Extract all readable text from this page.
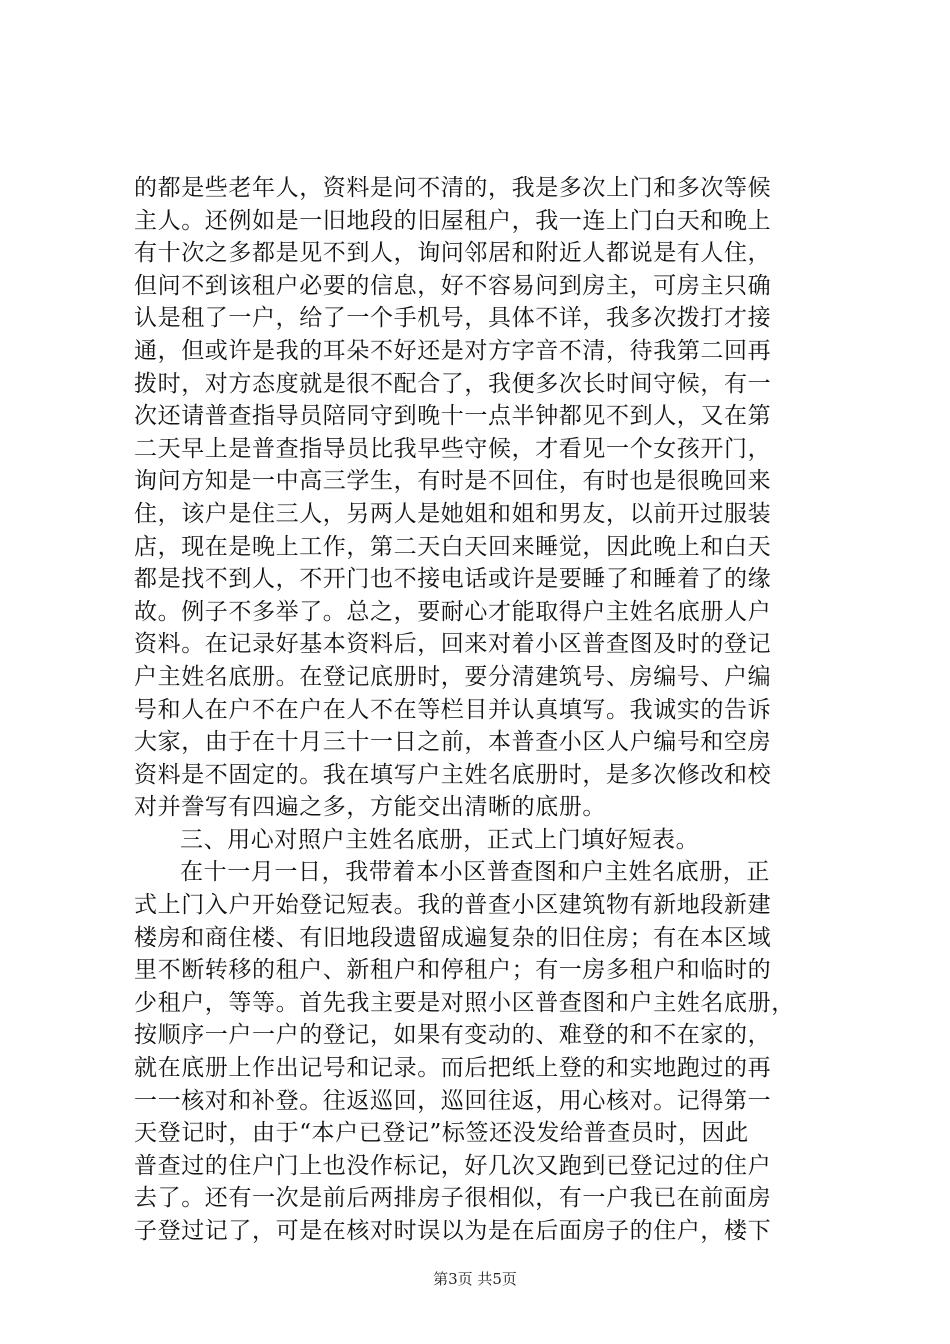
的都是些老年人，资料是问不清的，我是多次上门和多次等候
主人。还例如是一旧地段的旧屋租户，我一连上门白天和晚上
有十次之多都是见不到人，询问邻居和附近人都说是有人住，
但问不到该租户必要的信息，好不容易问到房主，可房主只确
认是租了一户，给了一个手机号，具体不详，我多次拨打才接
通，但或许是我的耳朵不好还是对方字音不清，待我第二回再
拨时，对方态度就是很不配合了，我便多次长时间守候，有一
次还请普查指导员陪同守到晚十一点半钟都见不到人，又在第
二天早上是普查指导员比我早些守候，才看见一个女孩开门，
询问方知是一中高三学生，有时是不回住，有时也是很晚回来
住，该户是住三人，另两人是她姐和姐和男友，以前开过服装
店，现在是晚上工作，第二天白天回来睡觉，因此晚上和白天
都是找不到人，不开门也不接电话或许是要睡了和睡着了的缘
故。例子不多举了。总之，要耐心才能取得户主姓名底册人户
资料。在记录好基本资料后，回来对着小区普查图及时的登记
户主姓名底册。在登记底册时，要分清建筑号、房编号、户编
号和人在户不在户在人不在等栏目并认真填写。我诚实的告诉
大家，由于在十月三十一日之前，本普查小区人户编号和空房
资料是不固定的。我在填写户主姓名底册时，是多次修改和校
对并誊写有四遍之多，方能交出清晰的底册。
三、用心对照户主姓名底册，正式上门填好短表。
在十一月一日，我带着本小区普查图和户主姓名底册，正
式上门入户开始登记短表。我的普查小区建筑物有新地段新建
楼房和商住楼、有旧地段遗留成遍复杂的旧住房；有在本区域
里不断转移的租户、新租户和停租户；有一房多租户和临时的
少租户，等等。首先我主要是对照小区普查图和户主姓名底册，
按顺序一户一户的登记，如果有变动的、难登的和不在家的，
就在底册上作出记号和记录。而后把纸上登的和实地跑过的再
一一核对和补登。往返巡回，巡回往返，用心核对。记得第一
天登记时，由于“本户已登记”标签还没发给普查员时，因此
普查过的住户门上也没作标记，好几次又跑到已登记过的住户
去了。还有一次是前后两排房子很相似，有一户我已在前面房
子登过记了，可是在核对时误以为是在后面房子的住户，楼下
第3页 共5页
